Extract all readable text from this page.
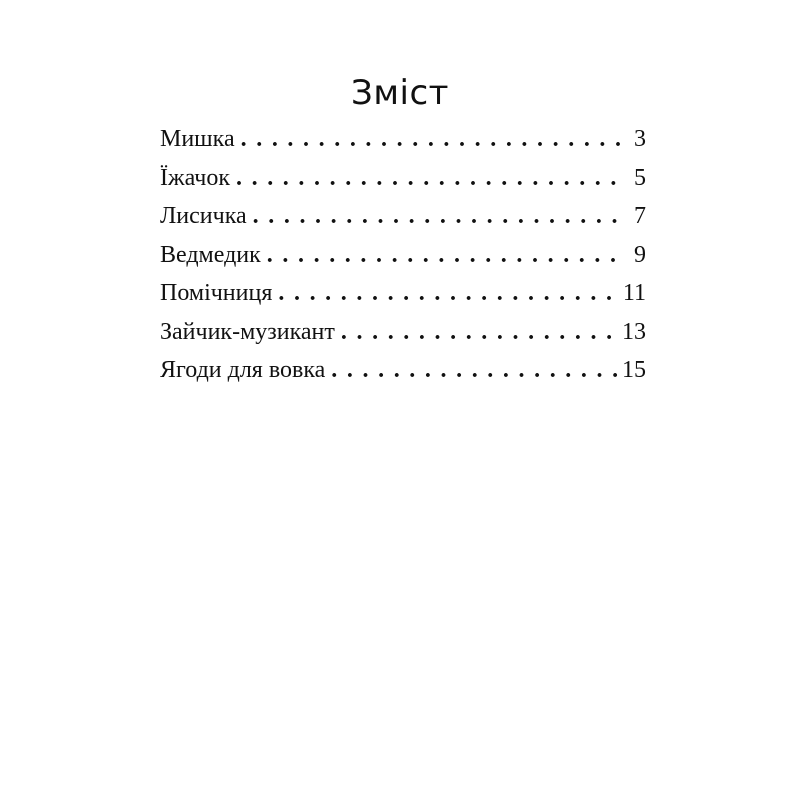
Зміст
Мишка .....	3
Їжачок .....	5
Лисичка .....	7
Ведмедик .....	9
Помічниця .....	11
Зайчик-музикант .....	13
Ягоди для вовка .....	15
